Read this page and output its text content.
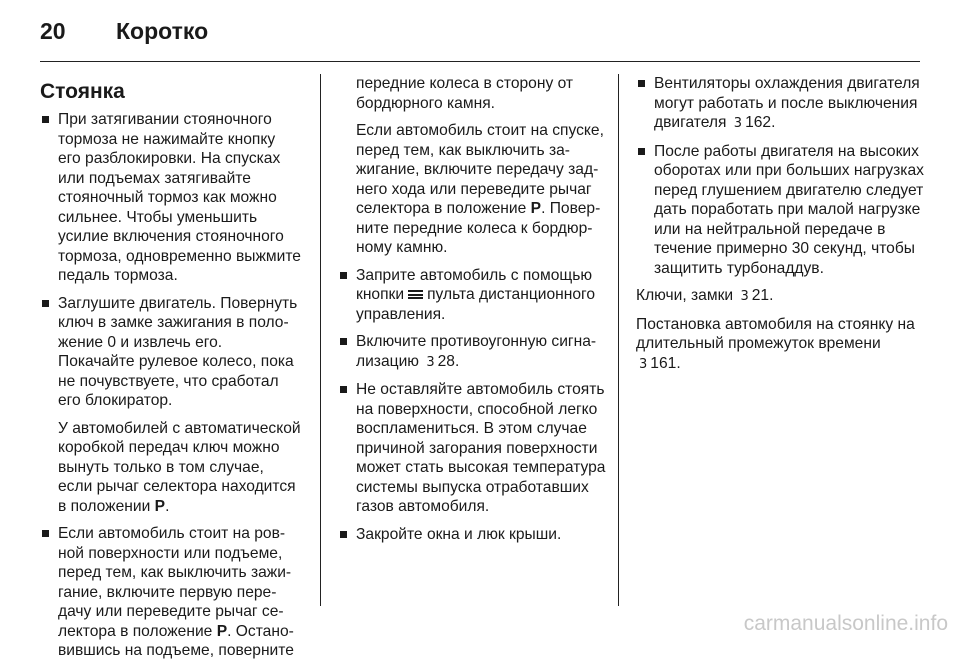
20 Коротко
Стоянка

При затягивании стояночного тормоза не нажимайте кнопку его разблокировки. На спусках или подъемах затягивайте стояночный тормоз как можно сильнее. Чтобы уменьшить усилие включения стояночного тормоза, одновременно выжмите педаль тормоза.

Заглушите двигатель. Повернуть ключ в замке зажигания в положение 0 и извлечь его. Покачайте рулевое колесо, пока не почувствуете, что сработал его блокиратор.

У автомобилей с автоматической коробкой передач ключ можно вынуть только в том случае, если рычаг селектора находится в положении P.

Если автомобиль стоит на ровной поверхности или подъеме, перед тем, как выключить зажигание, включите первую передачу или переведите рычаг селектора в положение P. Остановившись на подъеме, поверните

передние колеса в сторону от бордюрного камня.

Если автомобиль стоит на спуске, перед тем, как выключить зажигание, включите передачу заднего хода или переведите рычаг селектора в положение P. Поверните передние колеса к бордюрному камню.

Заприте автомобиль с помощью кнопки пульта дистанционного управления.

Включите противоугонную сигнализацию 3 28.

Не оставляйте автомобиль стоять на поверхности, способной легко воспламениться. В этом случае причиной загорания поверхности может стать высокая температура системы выпуска отработавших газов автомобиля.

Закройте окна и люк крыши.

Вентиляторы охлаждения двигателя могут работать и после выключения двигателя 3 162.

После работы двигателя на высоких оборотах или при больших нагрузках перед глушением двигателю следует дать поработать при малой нагрузке или на нейтральной передаче в течение примерно 30 секунд, чтобы защитить турбонаддув.

Ключи, замки 3 21.

Постановка автомобиля на стоянку на длительный промежуток времени 3 161.

carmanualsonline.info
